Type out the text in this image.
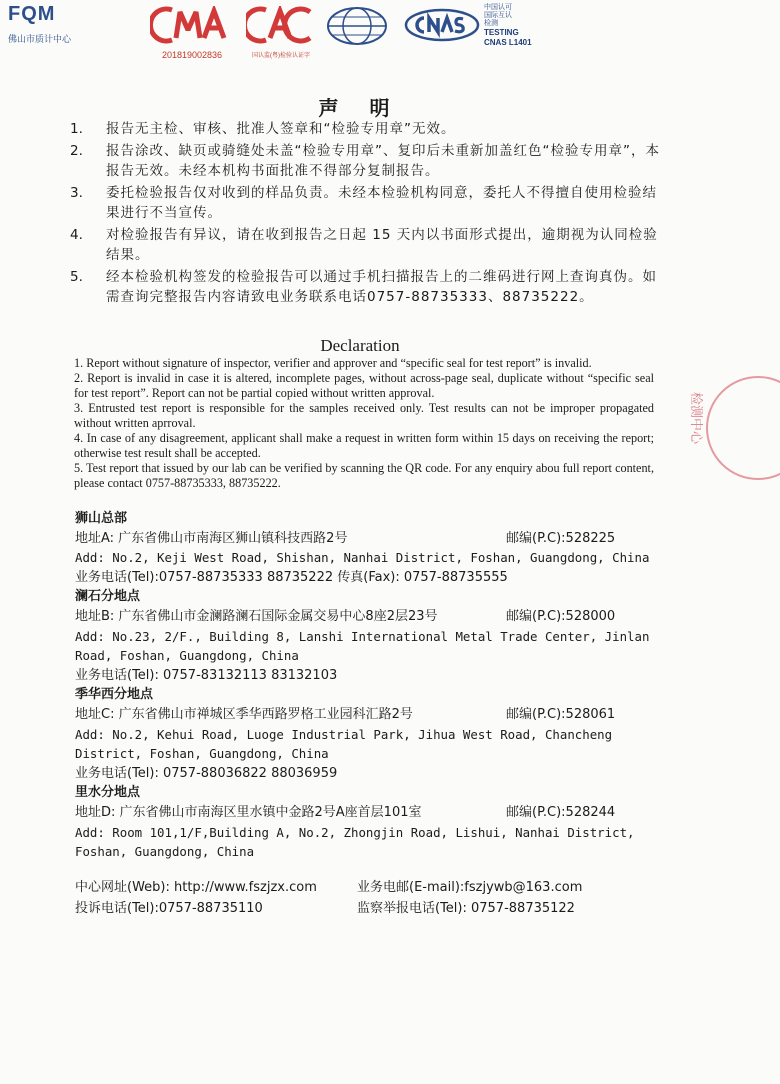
FQM
佛山市质计中心
201819002836	国认监(粤)检验认证字
中国认可
国际互认
检测
TESTING
CNAS L1401
声 明
1.	报告无主检、审核、批准人签章和“检验专用章”无效。
2.	报告涂改、缺页或骑缝处未盖“检验专用章”、复印后未重新加盖红色“检验专用章”，本报告无效。未经本机构书面批准不得部分复制报告。
3.	委托检验报告仅对收到的样品负责。未经本检验机构同意，委托人不得擅自使用检验结果进行不当宣传。
4.	对检验报告有异议，请在收到报告之日起 15 天内以书面形式提出，逾期视为认同检验结果。
5.	经本检验机构签发的检验报告可以通过手机扫描报告上的二维码进行网上查询真伪。如需查询完整报告内容请致电业务联系电话0757-88735333、88735222。
Declaration

1. Report without signature of inspector, verifier and approver and “specific seal for test report” is invalid.

2. Report is invalid in case it is altered, incomplete pages, without across-page seal, duplicate without “specific seal for test report”. Report can not be partial copied without written approval.

3. Entrusted test report is responsible for the samples received only. Test results can not be improper propagated without written aprroval.

4. In case of any disagreement, applicant shall make a request in written form within 15 days on receiving the report; otherwise test result shall be accepted.

5. Test report that issued by our lab can be verified by scanning the QR code. For any enquiry abou full report content, please contact 0757-88735333, 88735222.

狮山总部
地址A: 广东省佛山市南海区狮山镇科技西路2号	邮编(P.C):528225
Add: No.2, Keji West Road, Shishan, Nanhai District, Foshan, Guangdong, China
业务电话(Tel):0757-88735333 88735222 传真(Fax): 0757-88735555
澜石分地点
地址B: 广东省佛山市金澜路澜石国际金属交易中心8座2层23号	邮编(P.C):528000
Add: No.23, 2/F., Building 8, Lanshi International Metal Trade Center, Jinlan Road, Foshan, Guangdong, China
业务电话(Tel): 0757-83132113 83132103
季华西分地点
地址C: 广东省佛山市禅城区季华西路罗格工业园科汇路2号	邮编(P.C):528061
Add: No.2, Kehui Road, Luoge Industrial Park, Jihua West Road, Chancheng District, Foshan, Guangdong, China
业务电话(Tel): 0757-88036822 88036959
里水分地点
地址D: 广东省佛山市南海区里水镇中金路2号A座首层101室	邮编(P.C):528244
Add: Room 101,1/F,Building A, No.2, Zhongjin Road, Lishui, Nanhai District, Foshan, Guangdong, China
中心网址(Web): http://www.fszjzx.com	业务电邮(E-mail):fszjywb@163.com
投诉电话(Tel):0757-88735110	监察举报电话(Tel): 0757-88735122
检测中心
